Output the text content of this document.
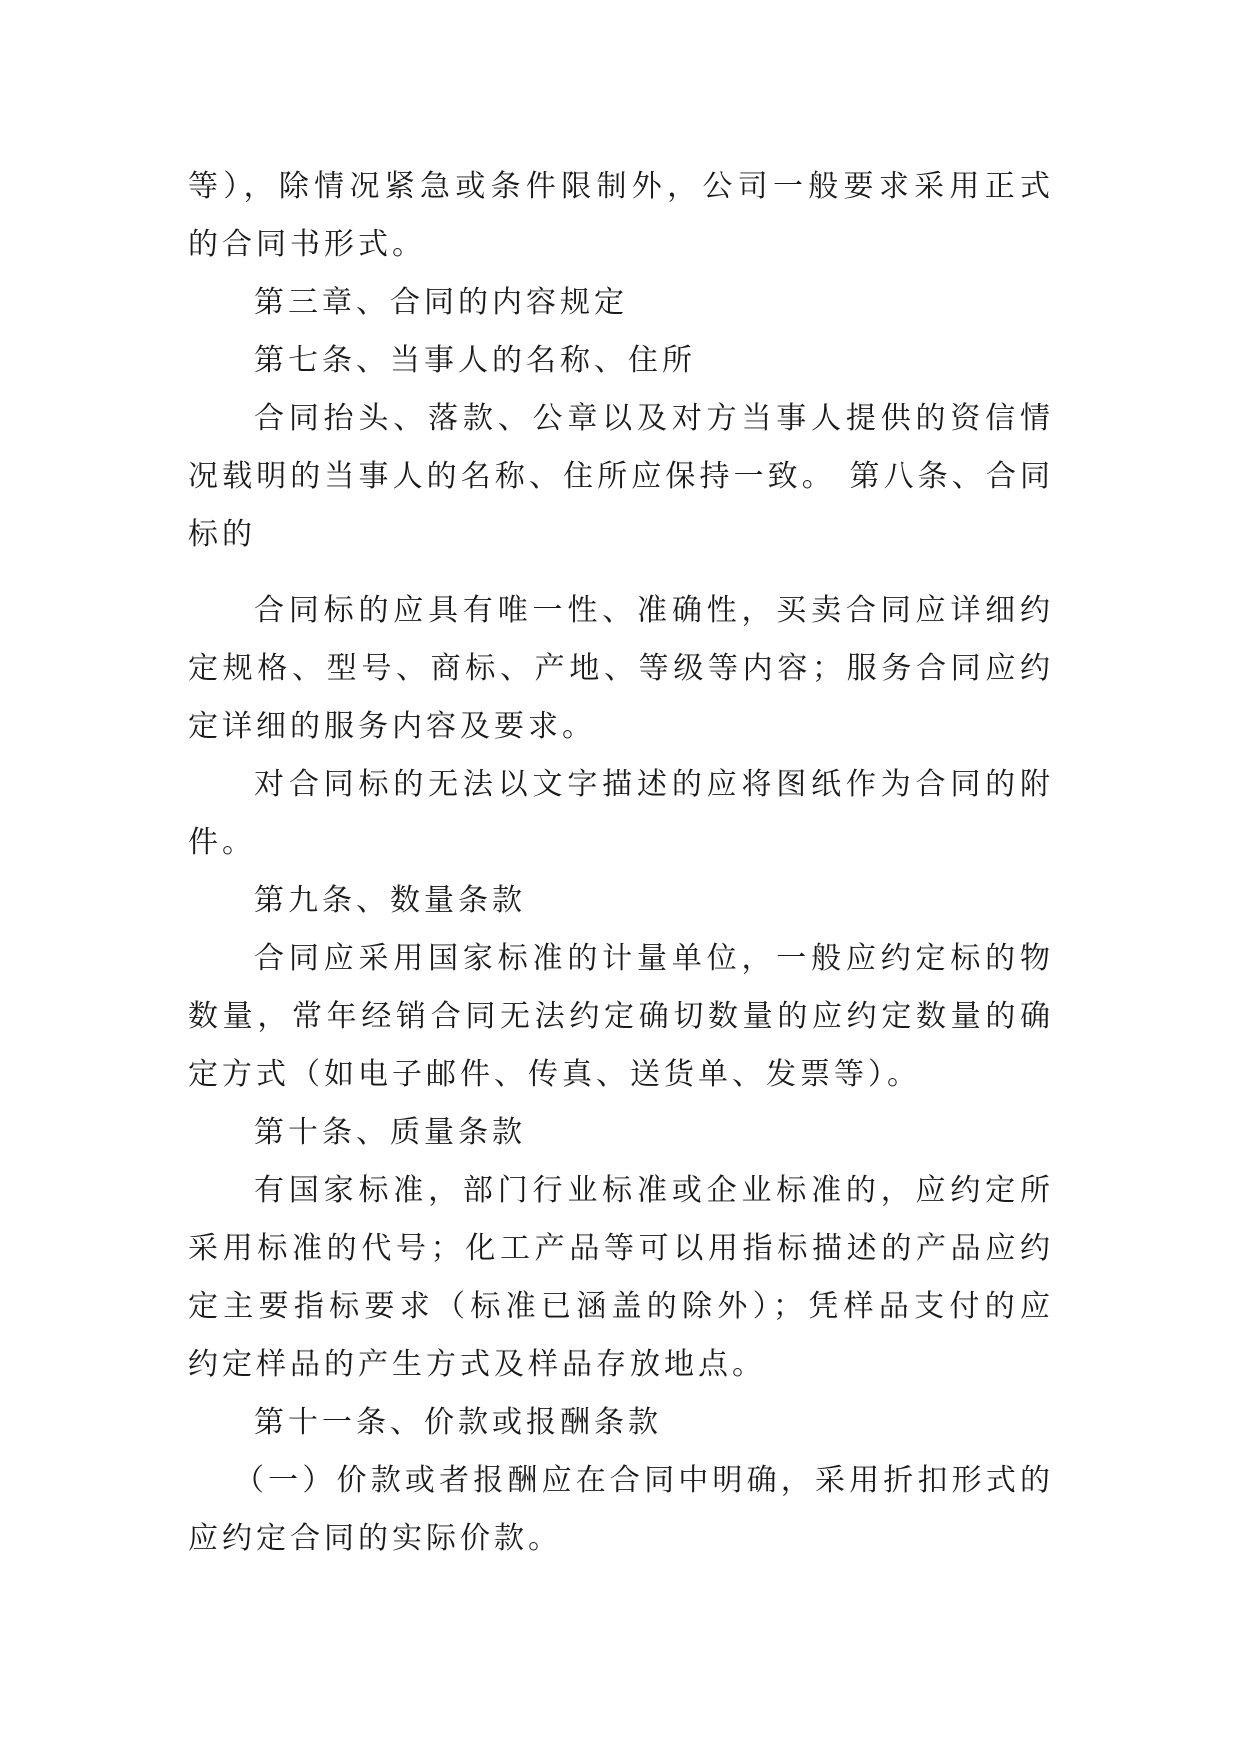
等），除情况紧急或条件限制外，公司一般要求采用正式的合同书形式。

第三章、合同的内容规定

第七条、当事人的名称、住所

合同抬头、落款、公章以及对方当事人提供的资信情况载明的当事人的名称、住所应保持一致。 第八条、合同标的

合同标的应具有唯一性、准确性，买卖合同应详细约定规格、型号、商标、产地、等级等内容；服务合同应约定详细的服务内容及要求。

对合同标的无法以文字描述的应将图纸作为合同的附件。

第九条、数量条款

合同应采用国家标准的计量单位，一般应约定标的物数量，常年经销合同无法约定确切数量的应约定数量的确定方式（如电子邮件、传真、送货单、发票等）。

第十条、质量条款

有国家标准，部门行业标准或企业标准的，应约定所采用标准的代号；化工产品等可以用指标描述的产品应约定主要指标要求（标准已涵盖的除外）；凭样品支付的应约定样品的产生方式及样品存放地点。

第十一条、价款或报酬条款

（一）价款或者报酬应在合同中明确，采用折扣形式的应约定合同的实际价款。
